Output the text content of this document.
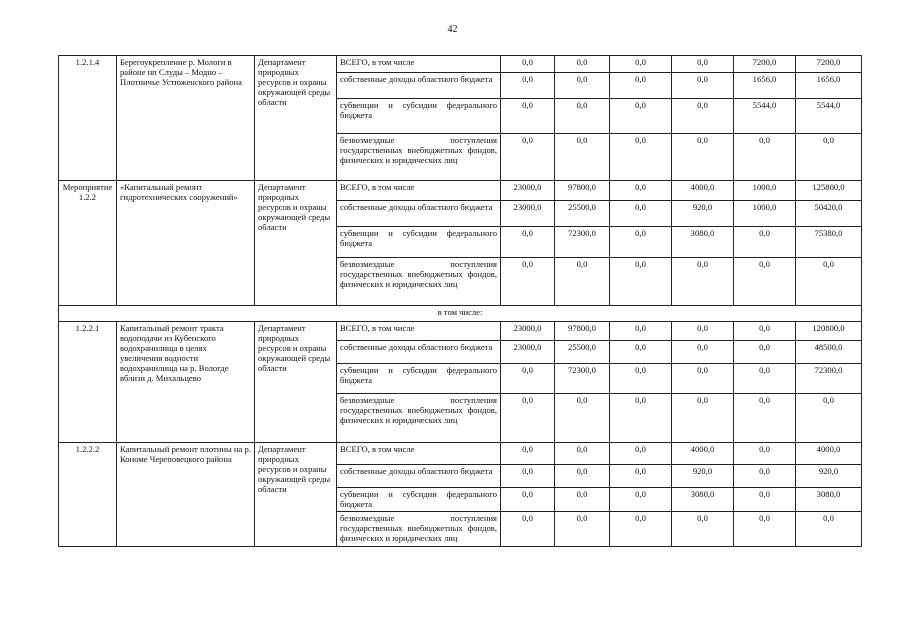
42
1.2.1.4	Берегоукрепление р. Мологи в районе нп Слуды – Модно – Плотничье Устюженского района	Департамент природных ресурсов и охраны окружающей среды области	ВСЕГО, в том числе	0,0	0,0	0,0	0,0	7200,0	7200,0
			собственные доходы областного бюджета	0,0	0,0	0,0	0,0	1656,0	1656,0
			субвенции и субсидии федерального бюджета	0,0	0,0	0,0	0,0	5544,0	5544,0
			безвозмездные поступления государственных внебюджетных фондов, физических и юридических лиц	0,0	0,0	0,0	0,0	0,0	0,0
Мероприятие 1.2.2	«Капитальный ремонт гидротехнических сооружений»	Департамент природных ресурсов и охраны окружающей среды области	ВСЕГО, в том числе	23000,0	97800,0	0,0	4000,0	1000,0	125800,0
			собственные доходы областного бюджета	23000,0	25500,0	0,0	920,0	1000,0	50420,0
			субвенции и субсидии федерального бюджета	0,0	72300,0	0,0	3080,0	0,0	75380,0
			безвозмездные поступления государственных внебюджетных фондов, физических и юридических лиц	0,0	0,0	0,0	0,0	0,0	0,0
в том числе:									
1.2.2.1	Капитальный ремонт тракта водоподачи из Кубенского водохранилища в целях увеличения водности водохранилища на р. Вологде вблизи д. Михальцево	Департамент природных ресурсов и охраны окружающей среды области	ВСЕГО, в том числе	23000,0	97800,0	0,0	0,0	0,0	120800,0
			собственные доходы областного бюджета	23000,0	25500,0	0,0	0,0	0,0	48500,0
			субвенции и субсидии федерального бюджета	0,0	72300,0	0,0	0,0	0,0	72300,0
			безвозмездные поступления государственных внебюджетных фондов, физических и юридических лиц	0,0	0,0	0,0	0,0	0,0	0,0
1.2.2.2	Капитальный ремонт плотины на р. Кономе Череповецкого района	Департамент природных ресурсов и охраны окружающей среды области	ВСЕГО, в том числе	0,0	0,0	0,0	4000,0	0,0	4000,0
			собственные доходы областного бюджета	0,0	0,0	0,0	920,0	0,0	920,0
			субвенции и субсидии федерального бюджета	0,0	0,0	0,0	3080,0	0,0	3080,0
			безвозмездные поступления государственных внебюджетных фондов, физических и юридических лиц	0,0	0,0	0,0	0,0	0,0	0,0
